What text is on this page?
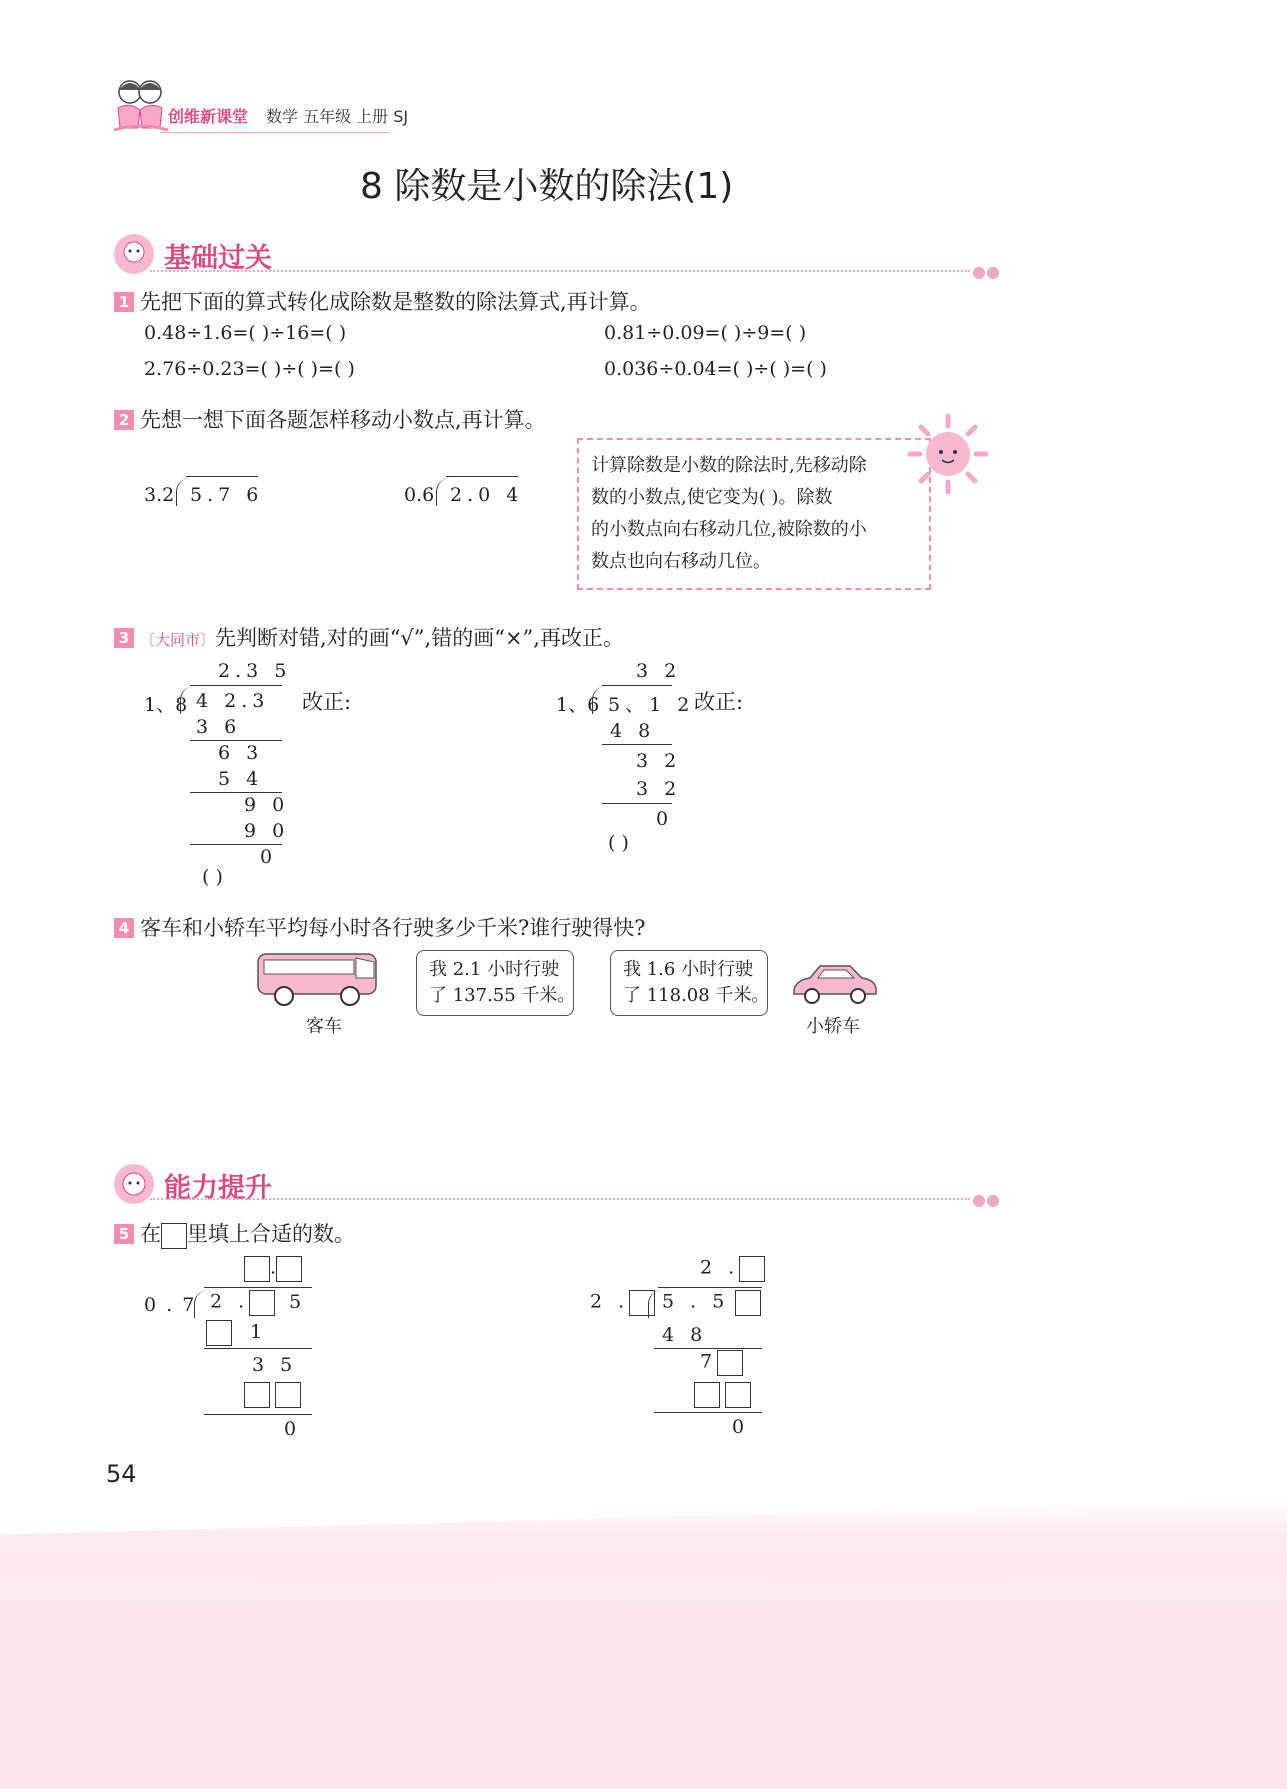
创维新课堂 数学 五年级 上册 SJ
8 除数是小数的除法(1)
基础过关	●●
1 先把下面的算式转化成除数是整数的除法算式,再计算。
0.48÷1.6=( )÷16=( )	0.81÷0.09=( )÷9=( )
2.76÷0.23=( )÷( )=( )	0.036÷0.04=( )÷( )=( )
2 先想一想下面各题怎样移动小数点,再计算。
3.2 5.7 6	0.6 2.0 4
计算除数是小数的除法时,先移动除
数的小数点,使它变为( )。除数
的小数点向右移动几位,被除数的小
数点也向右移动几位。
3 〔大同市〕先判断对错,对的画“√”,错的画“×”,再改正。
2.3 5
1、8 4 2.3
3 6
6 3
5 4
9 0
9 0
0
( )
改正:
3 2
1、6 5、1 2
4 8
3 2
3 2
0
( )
改正:
4 客车和小轿车平均每小时各行驶多少千米?谁行驶得快?
我 2.1 小时行驶
了 137.55 千米。
客车
我 1.6 小时行驶
了 118.08 千米。
小轿车
能力提升	●●
5 在 里填上合适的数。
.
0 . 7 2 . 5
1
3 5

0
2 .
2 .	5 . 5
4 8
7

0
54
